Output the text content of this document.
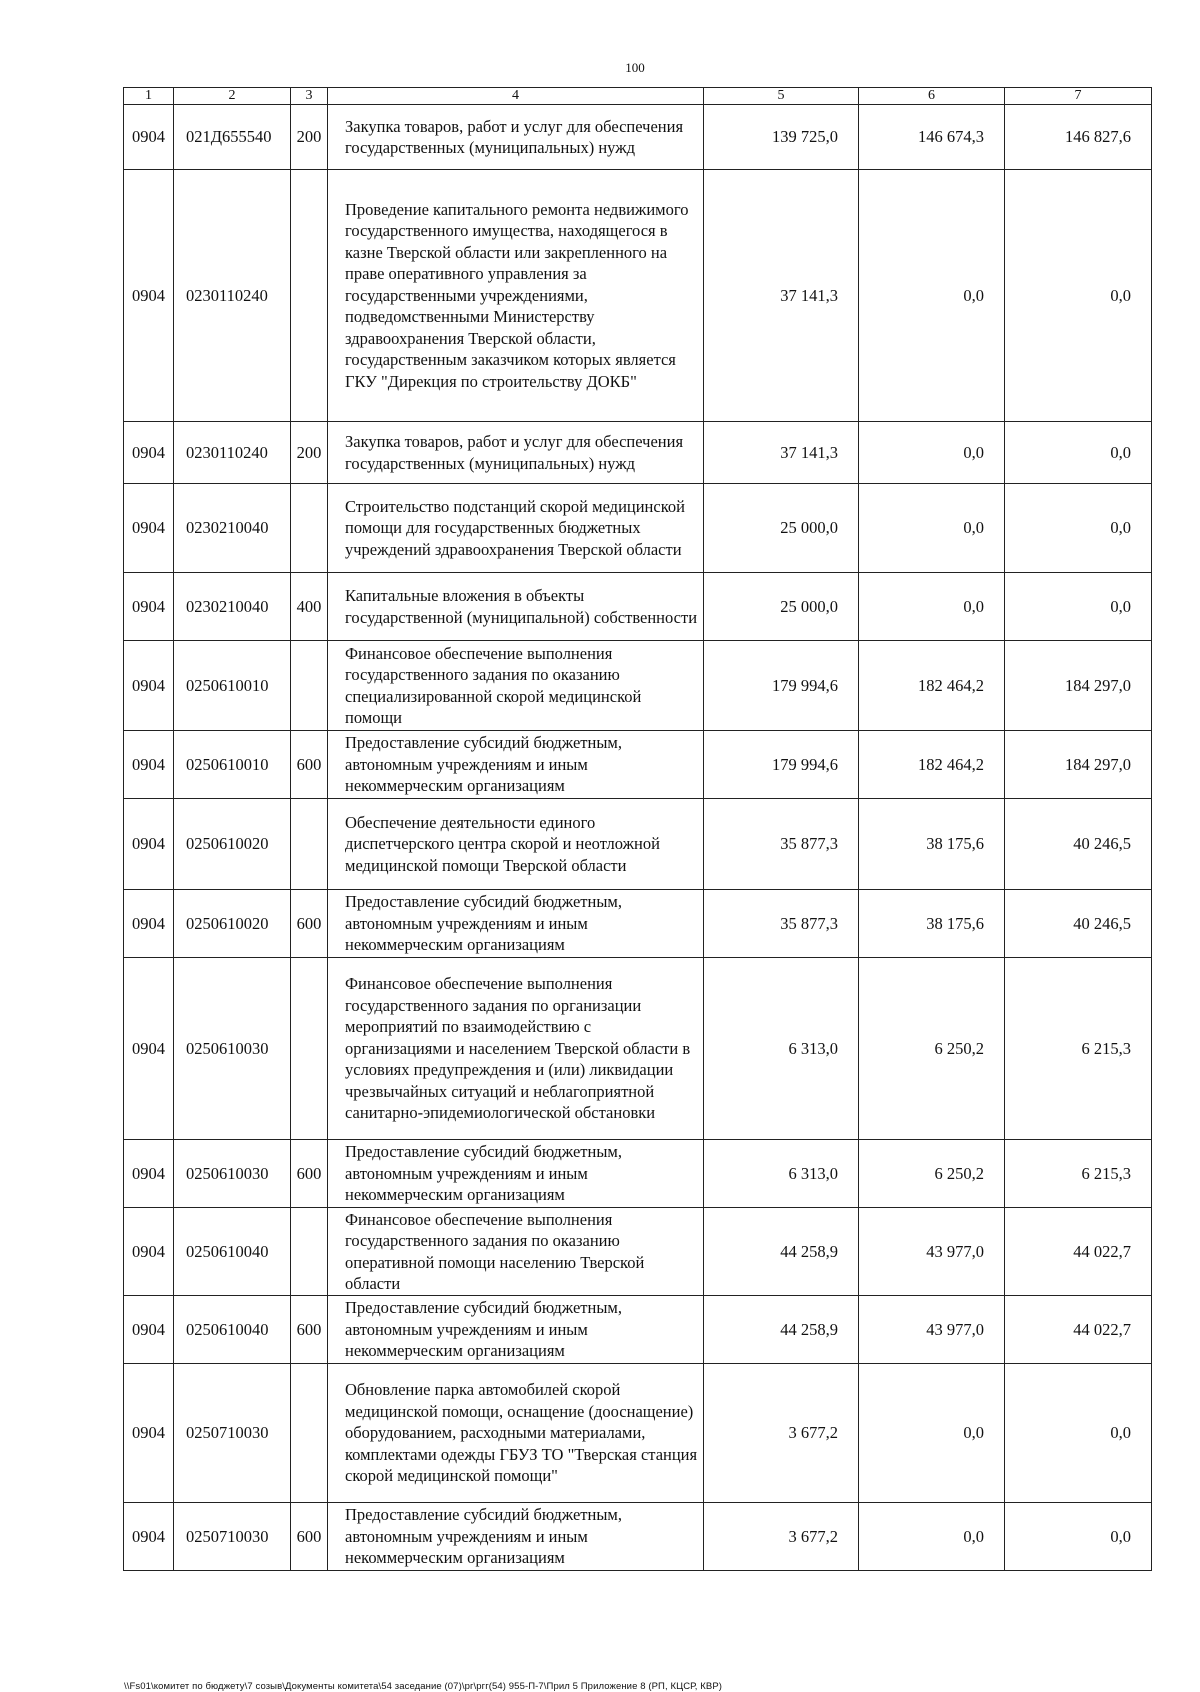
100
1	2	3	4	5	6	7
0904	021Д655540	200	Закупка товаров, работ и услуг для обеспечения государственных (муниципальных) нужд	139 725,0	146 674,3	146 827,6
0904	0230110240		Проведение капитального ремонта недвижимого государственного имущества, находящегося в казне Тверской области или закрепленного на праве оперативного управления за государственными учреждениями, подведомственными Министерству здравоохранения Тверской области, государственным заказчиком которых является ГКУ "Дирекция по строительству ДОКБ"	37 141,3	0,0	0,0
0904	0230110240	200	Закупка товаров, работ и услуг для обеспечения государственных (муниципальных) нужд	37 141,3	0,0	0,0
0904	0230210040		Строительство подстанций скорой медицинской помощи для государственных бюджетных учреждений здравоохранения Тверской области	25 000,0	0,0	0,0
0904	0230210040	400	Капитальные вложения в объекты государственной (муниципальной) собственности	25 000,0	0,0	0,0
0904	0250610010		Финансовое обеспечение выполнения государственного задания по оказанию специализированной скорой медицинской помощи	179 994,6	182 464,2	184 297,0
0904	0250610010	600	Предоставление субсидий бюджетным, автономным учреждениям и иным некоммерческим организациям	179 994,6	182 464,2	184 297,0
0904	0250610020		Обеспечение деятельности единого диспетчерского центра скорой и неотложной медицинской помощи Тверской области	35 877,3	38 175,6	40 246,5
0904	0250610020	600	Предоставление субсидий бюджетным, автономным учреждениям и иным некоммерческим организациям	35 877,3	38 175,6	40 246,5
0904	0250610030		Финансовое обеспечение выполнения государственного задания по организации мероприятий по взаимодействию с организациями и населением Тверской области в условиях предупреждения и (или) ликвидации чрезвычайных ситуаций и неблагоприятной санитарно-эпидемиологической обстановки	6 313,0	6 250,2	6 215,3
0904	0250610030	600	Предоставление субсидий бюджетным, автономным учреждениям и иным некоммерческим организациям	6 313,0	6 250,2	6 215,3
0904	0250610040		Финансовое обеспечение выполнения государственного задания по оказанию оперативной помощи населению Тверской области	44 258,9	43 977,0	44 022,7
0904	0250610040	600	Предоставление субсидий бюджетным, автономным учреждениям и иным некоммерческим организациям	44 258,9	43 977,0	44 022,7
0904	0250710030		Обновление парка автомобилей скорой медицинской помощи, оснащение (дооснащение) оборудованием, расходными материалами, комплектами одежды ГБУЗ ТО "Тверская станция скорой медицинской помощи"	3 677,2	0,0	0,0
0904	0250710030	600	Предоставление субсидий бюджетным, автономным учреждениям и иным некоммерческим организациям	3 677,2	0,0	0,0
\\Fs01\комитет по бюджету\7 созыв\Документы комитета\54 заседание (07)\рг\ргг(54) 955-П-7\Прил 5 Приложение 8 (РП, КЦСР, КВР)
